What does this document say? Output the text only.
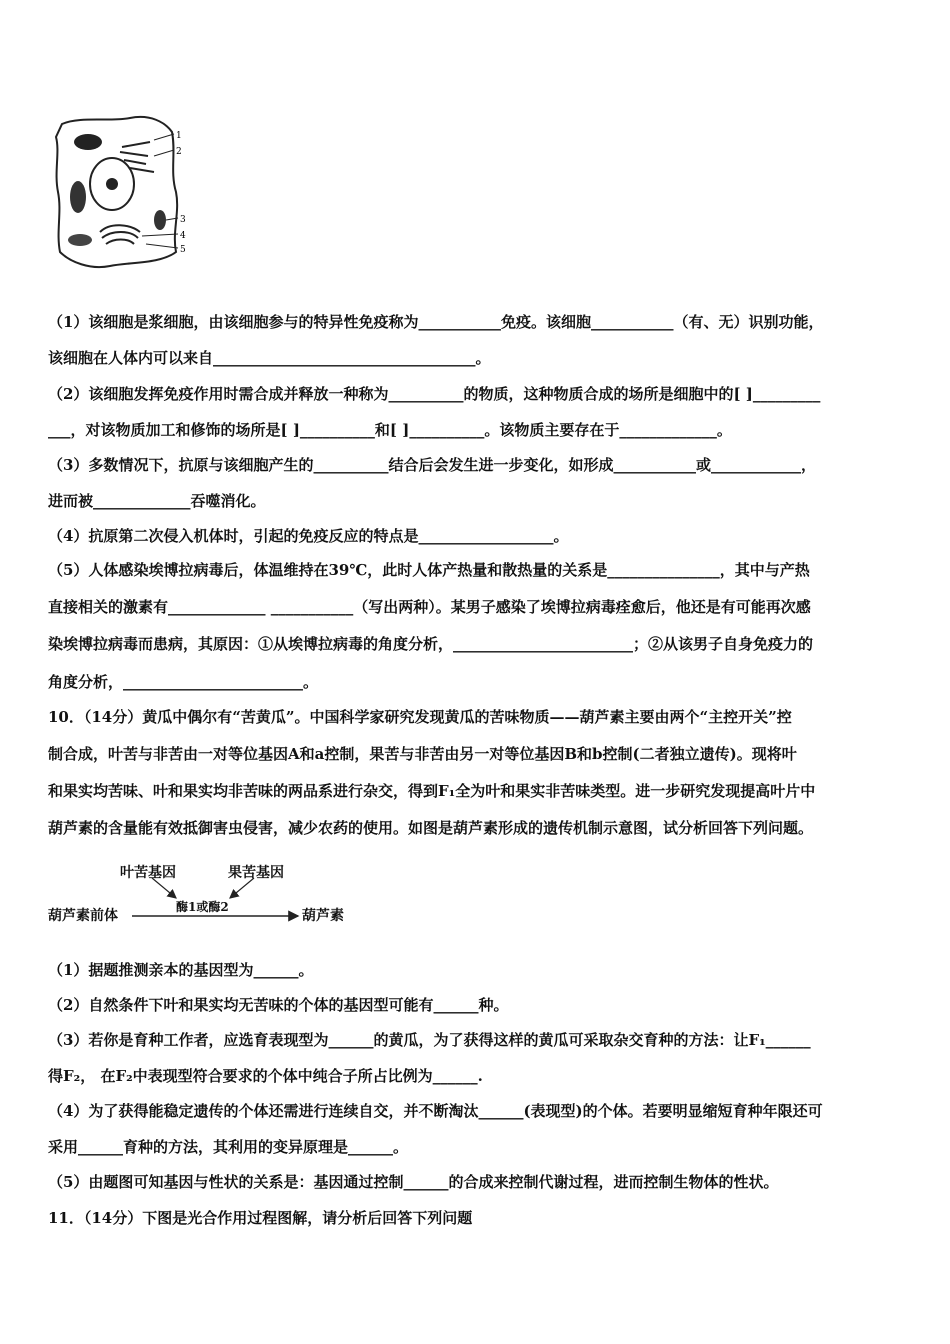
1
2
3
4
5
（1）该细胞是浆细胞，由该细胞参与的特异性免疫称为___________免疫。该细胞___________（有、无）识别功能，
该细胞在人体内可以来自___________________________________。
（2）该细胞发挥免疫作用时需合成并释放一种称为__________的物质，这种物质合成的场所是细胞中的[ ]_________
___，对该物质加工和修饰的场所是[ ]__________和[ ]__________。该物质主要存在于_____________。
（3）多数情况下，抗原与该细胞产生的__________结合后会发生进一步变化，如形成___________或____________，
进而被_____________吞噬消化。
（4）抗原第二次侵入机体时，引起的免疫反应的特点是__________________。
（5）人体感染埃博拉病毒后，体温维持在39℃，此时人体产热量和散热量的关系是_______________，其中与产热
直接相关的激素有_____________ ___________（写出两种）。某男子感染了埃博拉病毒痊愈后，他还是有可能再次感
染埃博拉病毒而患病，其原因：①从埃博拉病毒的角度分析，________________________；②从该男子自身免疫力的
角度分析，________________________。
10．（14分）黄瓜中偶尔有“苦黄瓜”。中国科学家研究发现黄瓜的苦味物质——葫芦素主要由两个“主控开关”控
制合成，叶苦与非苦由一对等位基因A和a控制，果苦与非苦由另一对等位基因B和b控制(二者独立遗传)。现将叶
和果实均苦味、叶和果实均非苦味的两品系进行杂交，得到F₁全为叶和果实非苦味类型。进一步研究发现提高叶片中
葫芦素的含量能有效抵御害虫侵害，减少农药的使用。如图是葫芦素形成的遗传机制示意图，试分析回答下列问题。
叶苦基因	果苦基因
葫芦素前体
酶1或酶2
葫芦素
（1）据题推测亲本的基因型为______。
（2）自然条件下叶和果实均无苦味的个体的基因型可能有______种。
（3）若你是育种工作者，应选育表现型为______的黄瓜，为了获得这样的黄瓜可采取杂交育种的方法：让F₁______
得F₂， 在F₂中表现型符合要求的个体中纯合子所占比例为______.
（4）为了获得能稳定遗传的个体还需进行连续自交，并不断淘汰______(表现型)的个体。若要明显缩短育种年限还可
采用______育种的方法，其利用的变异原理是______。
（5）由题图可知基因与性状的关系是：基因通过控制______的合成来控制代谢过程，进而控制生物体的性状。
11．（14分）下图是光合作用过程图解，请分析后回答下列问题
